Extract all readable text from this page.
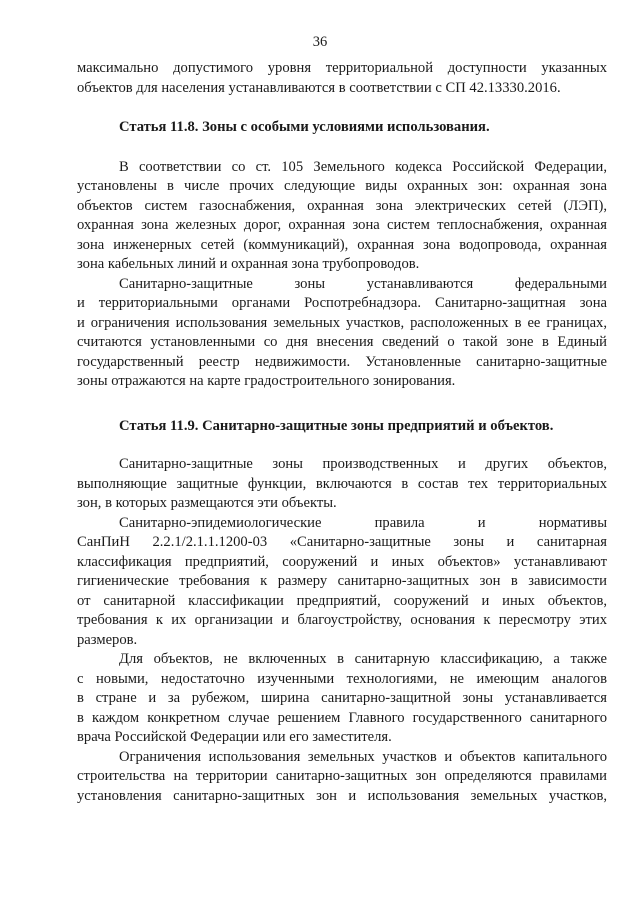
36
максимально допустимого уровня территориальной доступности указанных
объектов для населения устанавливаются в соответствии с СП 42.13330.2016.
Статья 11.8. Зоны с особыми условиями использования.
В соответствии со ст. 105 Земельного кодекса Российской Федерации,
установлены в числе прочих следующие виды охранных зон: охранная зона
объектов систем газоснабжения, охранная зона электрических сетей (ЛЭП),
охранная зона железных дорог, охранная зона систем теплоснабжения, охранная
зона инженерных сетей (коммуникаций), охранная зона водопровода, охранная
зона кабельных линий и охранная зона трубопроводов.
Санитарно-защитные зоны устанавливаются федеральными
и территориальными органами Роспотребнадзора. Санитарно-защитная зона
и ограничения использования земельных участков, расположенных в ее границах,
считаются установленными со дня внесения сведений о такой зоне в Единый
государственный реестр недвижимости. Установленные санитарно-защитные
зоны отражаются на карте градостроительного зонирования.
Статья 11.9. Санитарно-защитные зоны предприятий и объектов.
Санитарно-защитные зоны производственных и других объектов,
выполняющие защитные функции, включаются в состав тех территориальных
зон, в которых размещаются эти объекты.
Санитарно-эпидемиологические правила и нормативы
СанПиН 2.2.1/2.1.1.1200-03 «Санитарно-защитные зоны и санитарная
классификация предприятий, сооружений и иных объектов» устанавливают
гигиенические требования к размеру санитарно-защитных зон в зависимости
от санитарной классификации предприятий, сооружений и иных объектов,
требования к их организации и благоустройству, основания к пересмотру этих
размеров.
Для объектов, не включенных в санитарную классификацию, а также
с новыми, недостаточно изученными технологиями, не имеющим аналогов
в стране и за рубежом, ширина санитарно-защитной зоны устанавливается
в каждом конкретном случае решением Главного государственного санитарного
врача Российской Федерации или его заместителя.
Ограничения использования земельных участков и объектов капитального
строительства на территории санитарно-защитных зон определяются правилами
установления санитарно-защитных зон и использования земельных участков,
